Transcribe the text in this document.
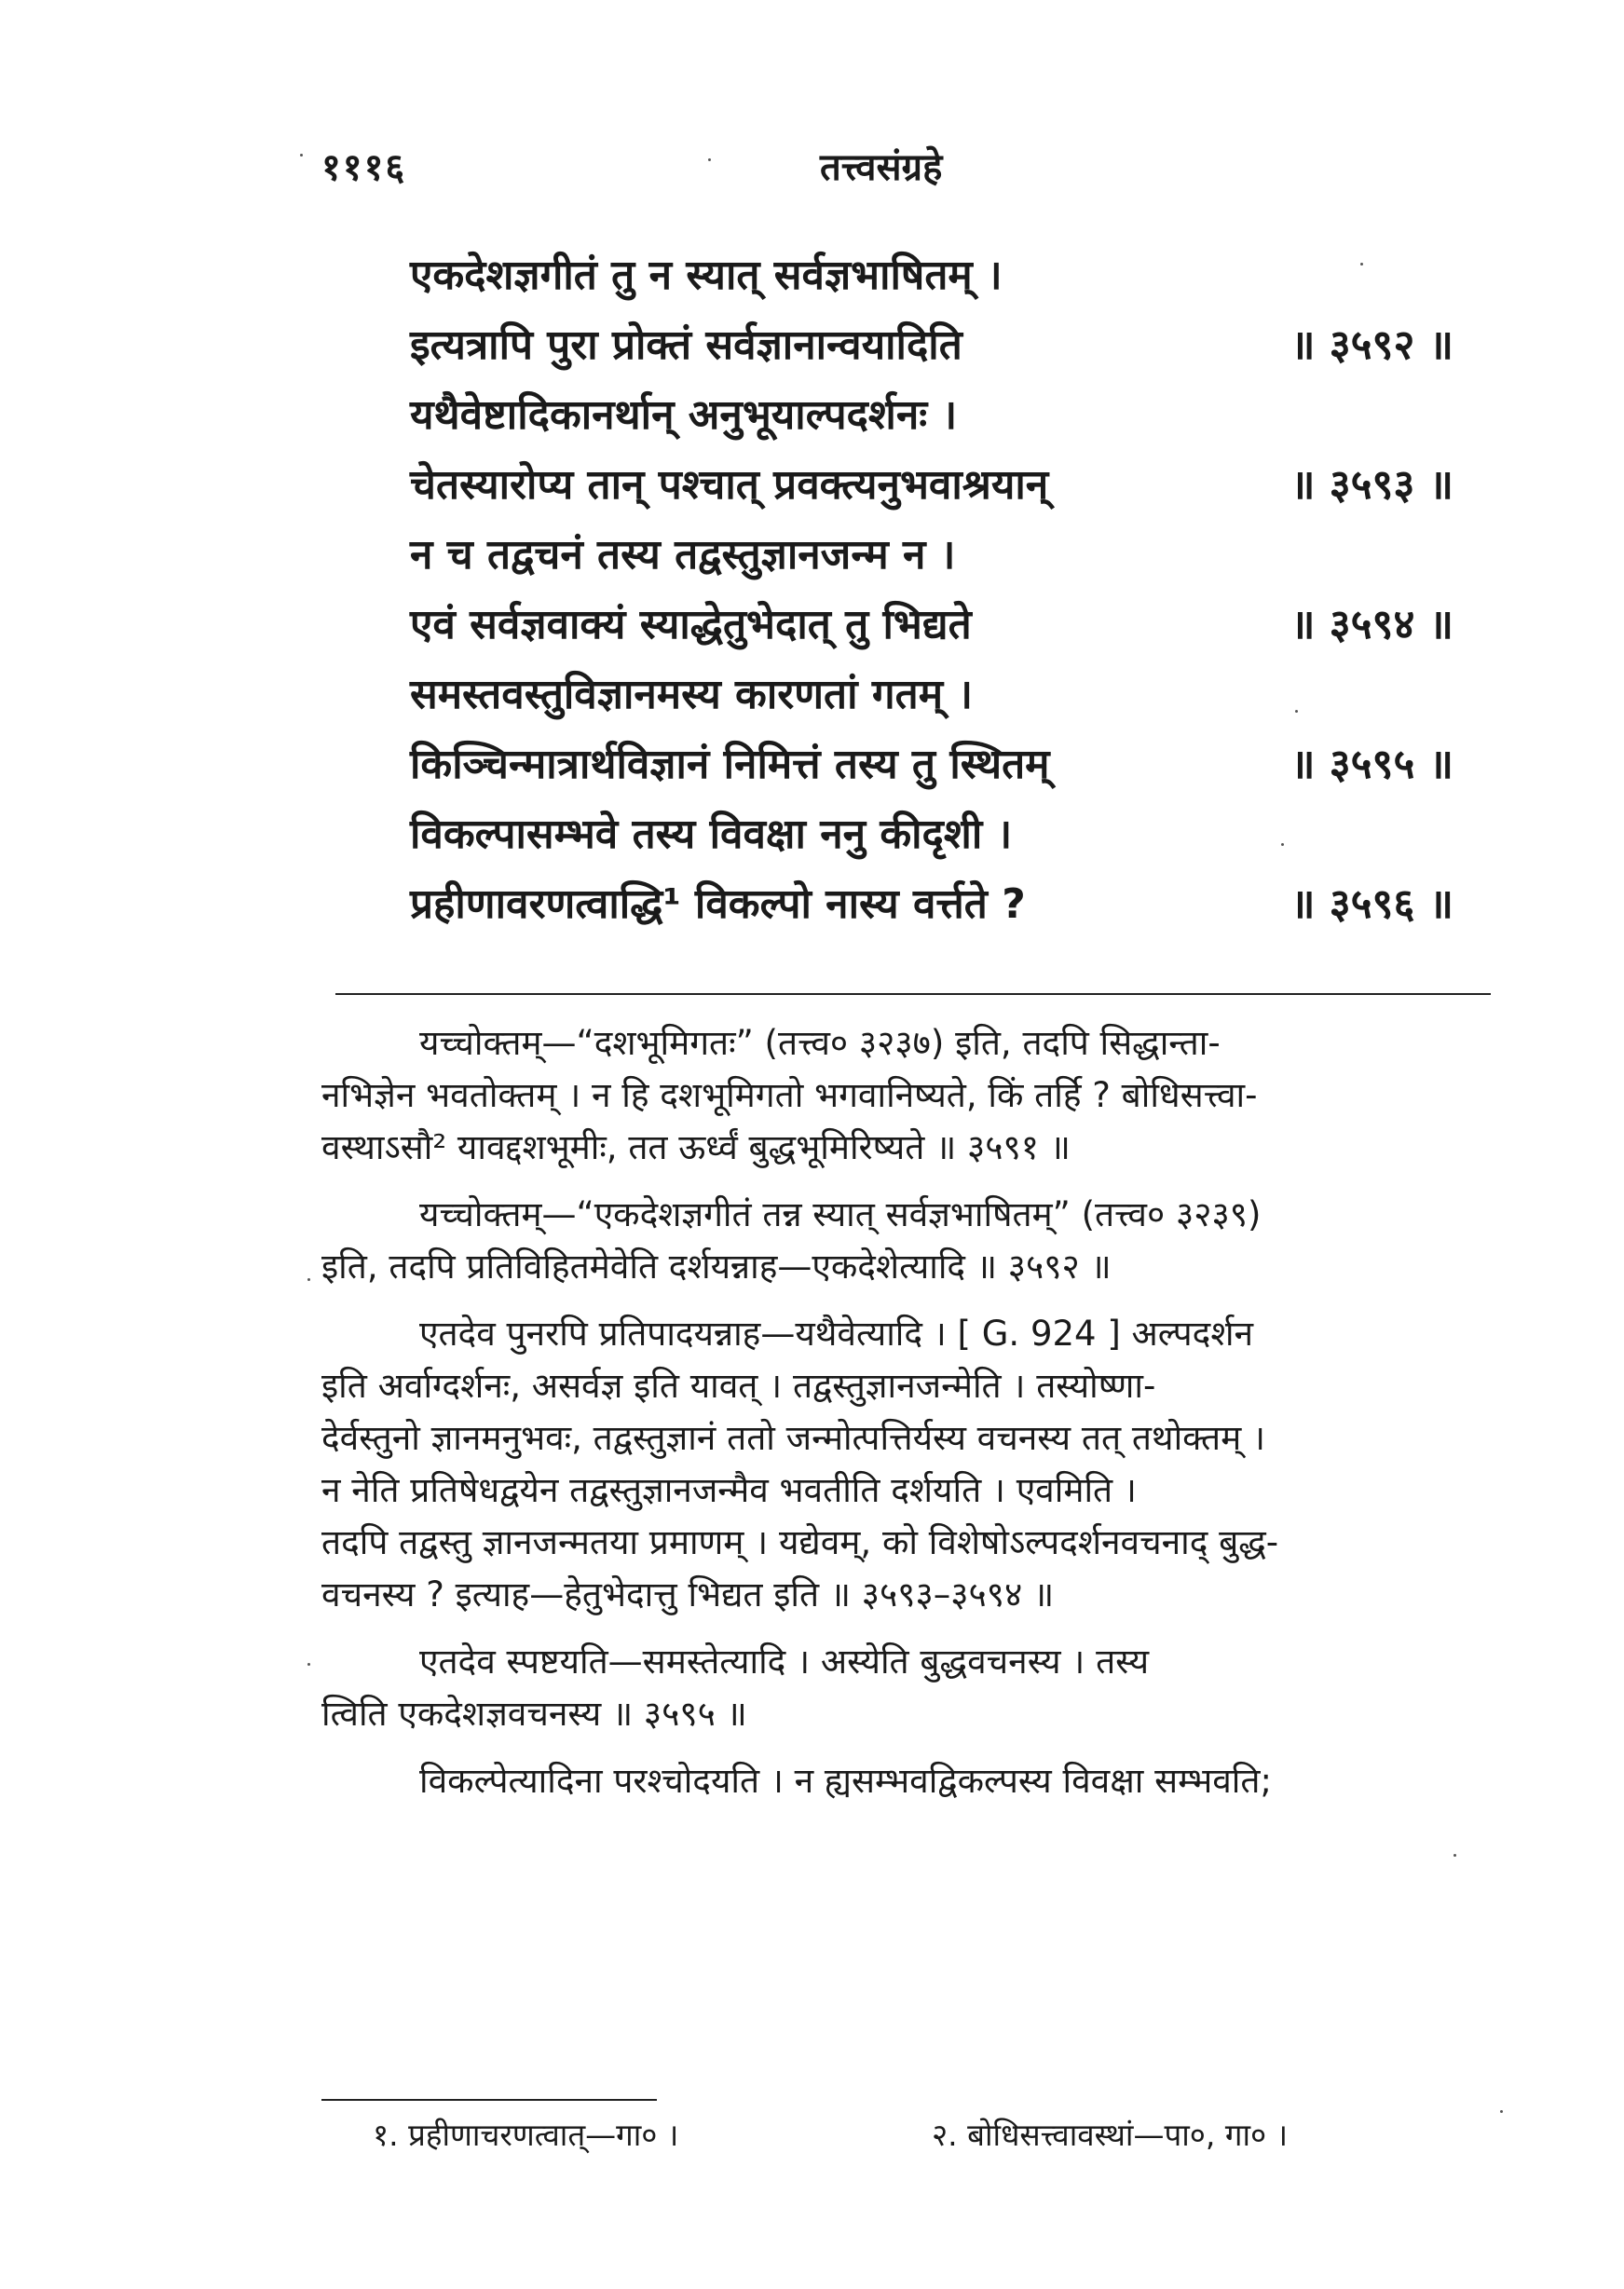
१११६	तत्त्वसंग्रहे
एकदेशज्ञगीतं तु न स्यात् सर्वज्ञभाषितम् ।
इत्यत्रापि पुरा प्रोक्तं सर्वज्ञानान्वयादिति	॥ ३५९२ ॥
यथैवेष्टादिकानर्थान् अनुभूयाल्पदर्शनः ।
चेतस्यारोप्य तान् पश्चात् प्रवक्त्यनुभवाश्रयान्	॥ ३५९३ ॥
न च तद्वचनं तस्य तद्वस्तुज्ञानजन्म न ।
एवं सर्वज्ञवाक्यं स्याद्धेतुभेदात् तु भिद्यते	॥ ३५९४ ॥
समस्तवस्तुविज्ञानमस्य कारणतां गतम् ।
किञ्चिन्मात्रार्थविज्ञानं निमित्तं तस्य तु स्थितम्	॥ ३५९५ ॥
विकल्पासम्भवे तस्य विवक्षा ननु कीदृशी ।
प्रहीणावरणत्वाद्धि¹ विकल्पो नास्य वर्त्तते ?	॥ ३५९६ ॥
यच्चोक्तम्—“दशभूमिगतः” (तत्त्व० ३२३७) इति, तदपि सिद्धान्ता-
नभिज्ञेन भवतोक्तम् । न हि दशभूमिगतो भगवानिष्यते, किं तर्हि ? बोधिसत्त्वा-
वस्थाऽसौ² यावद्दशभूमीः, तत ऊर्ध्वं बुद्धभूमिरिष्यते ॥ ३५९१ ॥
यच्चोक्तम्—“एकदेशज्ञगीतं तन्न स्यात् सर्वज्ञभाषितम्” (तत्त्व० ३२३९)
इति, तदपि प्रतिविहितमेवेति दर्शयन्नाह—एकदेशेत्यादि ॥ ३५९२ ॥
एतदेव पुनरपि प्रतिपादयन्नाह—यथैवेत्यादि । [ G. 924 ] अल्पदर्शन
इति अर्वाग्दर्शनः, असर्वज्ञ इति यावत् । तद्वस्तुज्ञानजन्मेति । तस्योष्णा-
देर्वस्तुनो ज्ञानमनुभवः, तद्वस्तुज्ञानं ततो जन्मोत्पत्तिर्यस्य वचनस्य तत् तथोक्तम् ।
न नेति प्रतिषेधद्वयेन तद्वस्तुज्ञानजन्मैव भवतीति दर्शयति । एवमिति ।
तदपि तद्वस्तु ज्ञानजन्मतया प्रमाणम् । यद्येवम्, को विशेषोऽल्पदर्शनवचनाद् बुद्ध-
वचनस्य ? इत्याह—हेतुभेदात्तु भिद्यत इति ॥ ३५९३–३५९४ ॥
एतदेव स्पष्टयति—समस्तेत्यादि । अस्येति बुद्धवचनस्य । तस्य
त्विति एकदेशज्ञवचनस्य ॥ ३५९५ ॥
विकल्पेत्यादिना परश्चोदयति । न ह्यसम्भवद्विकल्पस्य विवक्षा सम्भवति;
१. प्रहीणाचरणत्वात्—गा० ।	२. बोधिसत्त्वावस्थां—पा०, गा० ।
